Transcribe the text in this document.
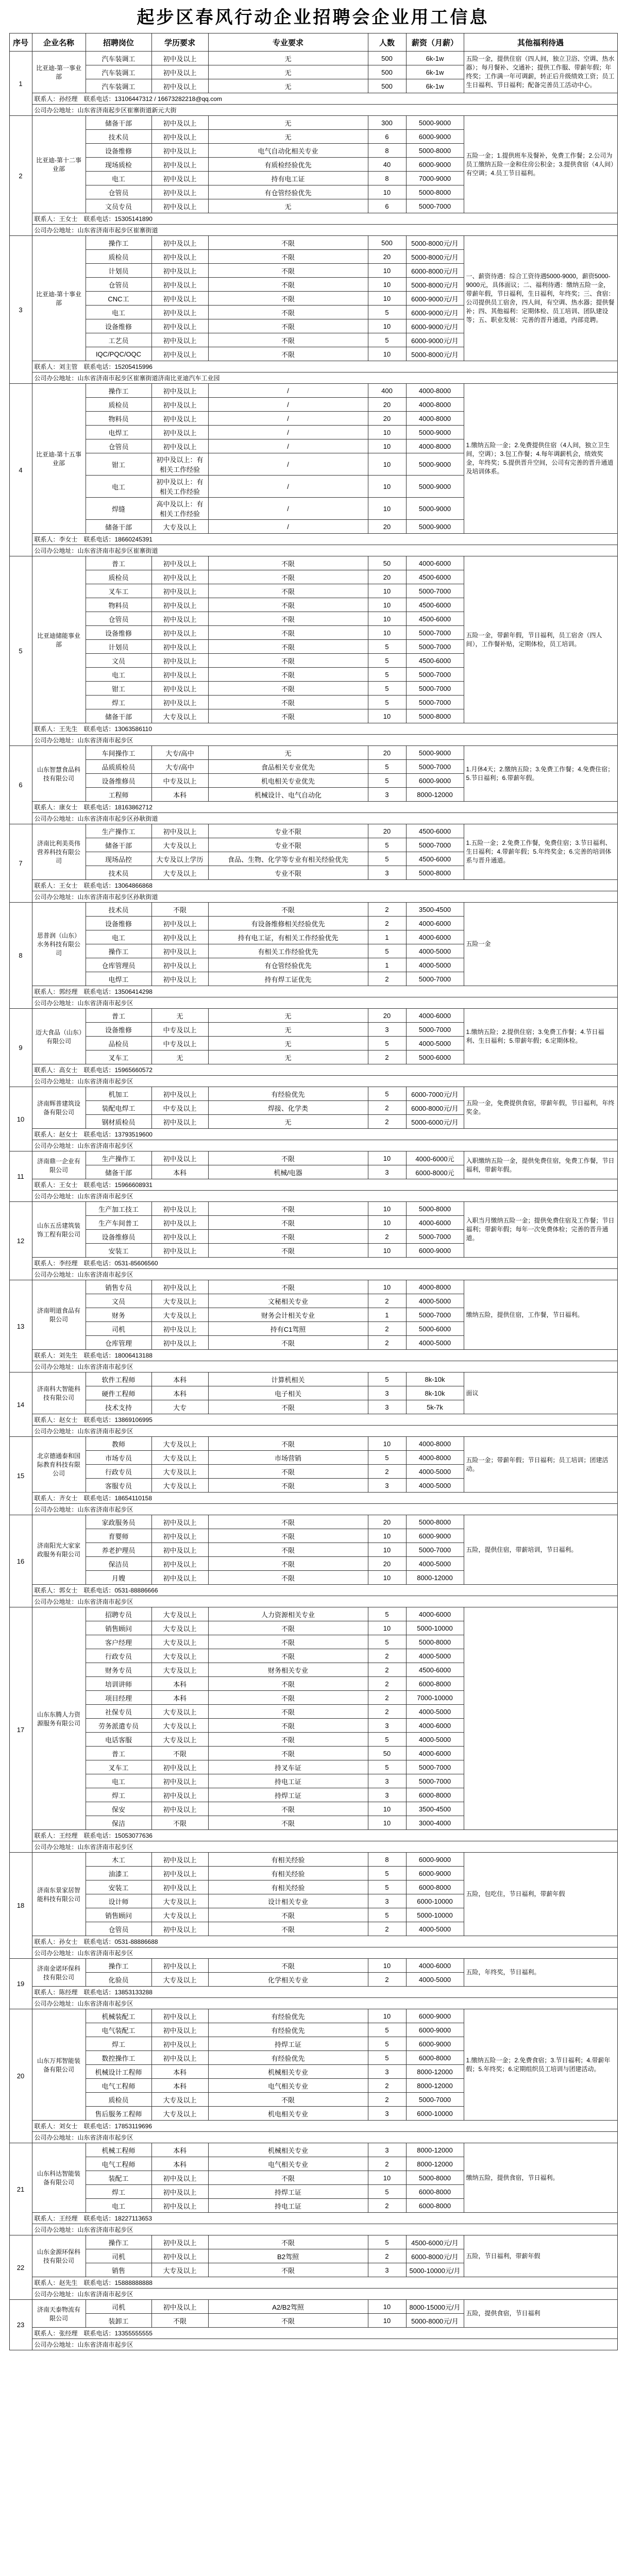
起步区春风行动企业招聘会企业用工信息
序号	企业名称	招聘岗位	学历要求	专业要求	人数	薪资（月薪）	其他福利待遇
1	比亚迪-第一事业部	汽车装调工	初中及以上	无	500	6k-1w	五险一金，提供住宿（四人间，独立卫浴、空调、热水器）；每月餐补、交通补；提供工作服、带薪年假；年终奖；工作满一年可调薪，转正后升级绩效工资；员工生日福利、节日福利；配备完善员工活动中心。
		汽车装调工	初中及以上	无	500	6k-1w	
		汽车装调工	初中及以上	无	500	6k-1w	
	联系人：孙经理　联系电话：13106447312 / 16673282218@qq.com						
	公司办公地址：山东省济南起步区崔寨街道新元大街						
2	比亚迪-第十二事业部	储备干部	初中及以上	无	300	5000-9000	五险一金；1.提供班车及餐补，免费工作餐；2.公司为员工缴纳五险一金和住房公积金；3.提供食宿（4人间）有空调；4.员工节日福利。
		技术员	初中及以上	无	6	6000-9000	
		设备维修	初中及以上	电气自动化相关专业	8	5000-8000	
		现场质检	初中及以上	有质检经验优先	40	6000-9000	
		电工	初中及以上	持有电工证	8	7000-9000	
		仓管员	初中及以上	有仓管经验优先	10	5000-8000	
		文员专员	初中及以上	无	6	5000-7000	
	联系人：王女士　联系电话：15305141890						
	公司办公地址：山东省济南市起步区崔寨街道						
3	比亚迪-第十事业部	操作工	初中及以上	不限	500	5000-8000元/月	一、薪资待遇：综合工资待遇5000-9000，薪资5000-9000元，具体面议；二、福利待遇：缴纳五险一金，带薪年假，节日福利，生日福利，年终奖；三、食宿：公司提供员工宿舍，四人间，有空调、热水器；提供餐补；四、其他福利：定期体检、员工培训、团队建设等；五、职业发展：完善的晋升通道，内部竞聘。
		质检员	初中及以上	不限	20	5000-8000元/月	
		计划员	初中及以上	不限	10	6000-8000元/月	
		仓管员	初中及以上	不限	10	5000-8000元/月	
		CNC工	初中及以上	不限	10	6000-9000元/月	
		电工	初中及以上	不限	5	6000-9000元/月	
		设备维修	初中及以上	不限	10	6000-9000元/月	
		工艺员	初中及以上	不限	5	6000-9000元/月	
		IQC/PQC/OQC	初中及以上	不限	10	5000-8000元/月	
	联系人：刘主管　联系电话：15205415996						
	公司办公地址：山东省济南市起步区崔寨街道济南比亚迪汽车工业园						
4	比亚迪-第十五事业部	操作工	初中及以上	/	400	4000-8000	1.缴纳五险一金；2.免费提供住宿（4人间，独立卫生间，空调）；3.包工作餐；4.每年调薪机会，绩效奖金，年终奖；5.提供晋升空间，公司有完善的晋升通道及培训体系。
		质检员	初中及以上	/	20	4000-8000	
		物料员	初中及以上	/	20	4000-8000	
		电焊工	初中及以上	/	10	5000-9000	
		仓管员	初中及以上	/	10	4000-8000	
		钳工	初中及以上：有相关工作经验	/	10	5000-9000	
		电工	初中及以上：有相关工作经验	/	10	5000-9000	
		焊缝	高中及以上：有相关工作经验	/	10	5000-9000	
		储备干部	大专及以上	/	20	5000-9000	
	联系人：李女士　联系电话：18660245391						
	公司办公地址：山东省济南市起步区崔寨街道						
5	比亚迪储能事业部	普工	初中及以上	不限	50	4000-6000	五险一金，带薪年假，节日福利，员工宿舍（四人间），工作餐补贴，定期体检，员工培训。
		质检员	初中及以上	不限	20	4500-6000	
		叉车工	初中及以上	不限	10	5000-7000	
		物料员	初中及以上	不限	10	4500-6000	
		仓管员	初中及以上	不限	10	4500-6000	
		设备维修	初中及以上	不限	10	5000-7000	
		计划员	初中及以上	不限	5	5000-7000	
		文员	初中及以上	不限	5	4500-6000	
		电工	初中及以上	不限	5	5000-7000	
		钳工	初中及以上	不限	5	5000-7000	
		焊工	初中及以上	不限	5	5000-7000	
		储备干部	大专及以上	不限	10	5000-8000	
	联系人：王先生　联系电话：13063586110						
	公司办公地址：山东省济南市起步区						
6	山东智慧食品科技有限公司	车间操作工	大专/高中	无	20	5000-9000	1.月休4天；2.缴纳五险；3.免费工作餐；4.免费住宿；5.节日福利；6.带薪年假。
		品质质检员	大专/高中	食品相关专业优先	5	5000-7000	
		设备维修员	中专及以上	机电相关专业优先	5	6000-9000	
		工程师	本科	机械设计、电气自动化	3	8000-12000	
	联系人：康女士　联系电话：18163862712						
	公司办公地址：山东省济南市起步区孙耿街道						
7	济南比利美英伟营养科技有限公司	生产操作工	初中及以上	专业不限	20	4500-6000	1.五险一金；2.免费工作餐，免费住宿；3.节日福利、生日福利；4.带薪年假；5.年终奖金；6.完善的培训体系与晋升通道。
		储备干部	大专及以上	专业不限	5	5000-7000	
		现场品控	大专及以上学历	食品、生物、化学等专业有相关经验优先	5	4500-6000	
		技术员	大专及以上	专业不限	3	5000-8000	
	联系人：王女士　联系电话：13064866868						
	公司办公地址：山东省济南市起步区孙耿街道						
8	思普润（山东）水务科技有限公司	技术员	不限	不限	2	3500-4500	五险一金
		设备维修	初中及以上	有设备维修相关经验优先	2	4000-6000	
		电工	初中及以上	持有电工证，有相关工作经验优先	1	4000-6000	
		操作工	初中及以上	有相关工作经验优先	5	4000-5000	
		仓库管理员	初中及以上	有仓管经验优先	1	4000-5000	
		电焊工	初中及以上	持有焊工证优先	2	5000-7000	
	联系人：郭经理　联系电话：13506414298						
	公司办公地址：山东省济南市起步区						
9	迈大食品（山东）有限公司	普工	无	无	20	4000-6000	1.缴纳五险；2.提供住宿；3.免费工作餐；4.节日福利、生日福利；5.带薪年假；6.定期体检。
		设备维修	中专及以上	无	3	5000-7000	
		品检员	中专及以上	无	5	4000-5000	
		叉车工	无	无	2	5000-6000	
	联系人：高女士　联系电话：15965660572						
	公司办公地址：山东省济南市起步区						
10	济南辉普建筑设备有限公司	机加工	初中及以上	有经验优先	5	6000-7000元/月	五险一金，免费提供食宿，带薪年假，节日福利，年终奖金。
		装配电焊工	中专及以上	焊接、化学类	2	6000-8000元/月	
		钢材质检员	初中及以上	无	2	5000-6000元/月	
	联系人：赵女士　联系电话：13793519600						
	公司办公地址：山东省济南市起步区						
11	济南鼎一企业有限公司	生产操作工	初中及以上	不限	10	4000-6000元	入职缴纳五险一金，提供免费住宿，免费工作餐，节日福利，带薪年假。
		储备干部	本科	机械/电器	3	6000-8000元	
	联系人：王女士　联系电话：15966608931						
	公司办公地址：山东省济南市起步区						
12	山东五岳建筑装饰工程有限公司	生产加工技工	初中及以上	不限	10	5000-8000	入职当月缴纳五险一金；提供免费住宿及工作餐；节日福利；带薪年假；每年一次免费体检；完善的晋升通道。
		生产车间普工	初中及以上	不限	10	4000-6000	
		设备维修员	初中及以上	不限	2	5000-7000	
		安装工	初中及以上	不限	10	6000-9000	
	联系人：李经理　联系电话：0531-85606560						
	公司办公地址：山东省济南市起步区						
13	济南明道食品有限公司	销售专员	初中及以上	不限	10	4000-8000	缴纳五险，提供住宿，工作餐，节日福利。
		文员	大专及以上	文秘相关专业	2	4000-5000	
		财务	大专及以上	财务会计相关专业	1	5000-7000	
		司机	初中及以上	持有C1驾照	2	5000-6000	
		仓库管理	初中及以上	不限	2	4000-5000	
	联系人：刘先生　联系电话：18006413188						
	公司办公地址：山东省济南市起步区						
14	济南科大智能科技有限公司	软件工程师	本科	计算机相关	5	8k-10k	面议
		硬件工程师	本科	电子相关	3	8k-10k	
		技术支持	大专	不限	3	5k-7k	
	联系人：赵女士　联系电话：13869106995						
	公司办公地址：山东省济南市起步区						
15	北京德通泰和国际教育科技有限公司	教师	大专及以上	不限	10	4000-8000	五险一金；带薪年假；节日福利；员工培训；团建活动。
		市场专员	大专及以上	市场营销	5	4000-8000	
		行政专员	大专及以上	不限	2	4000-5000	
		客服专员	大专及以上	不限	3	4000-5000	
	联系人：齐女士　联系电话：18654110158						
	公司办公地址：山东省济南市起步区						
16	济南阳光大家家政服务有限公司	家政服务员	初中及以上	不限	20	5000-8000	五险，提供住宿，带薪培训，节日福利。
		育婴师	初中及以上	不限	10	6000-9000	
		养老护理员	初中及以上	不限	10	5000-7000	
		保洁员	初中及以上	不限	20	4000-5000	
		月嫂	初中及以上	不限	10	8000-12000	
	联系人：郭女士　联系电话：0531-88886666						
	公司办公地址：山东省济南市起步区						
17	山东东腾人力资源服务有限公司	招聘专员	大专及以上	人力资源相关专业	5	4000-6000	
		销售顾问	大专及以上	不限	10	5000-10000	
		客户经理	大专及以上	不限	5	5000-8000	
		行政专员	大专及以上	不限	2	4000-5000	
		财务专员	大专及以上	财务相关专业	2	4500-6000	
		培训讲师	本科	不限	2	6000-8000	
		项目经理	本科	不限	2	7000-10000	
		社保专员	大专及以上	不限	2	4000-5000	
		劳务派遣专员	大专及以上	不限	3	4000-6000	
		电话客服	大专及以上	不限	5	4000-5000	
		普工	不限	不限	50	4000-6000	
		叉车工	初中及以上	持叉车证	5	5000-7000	
		电工	初中及以上	持电工证	3	5000-7000	
		焊工	初中及以上	持焊工证	3	6000-8000	
		保安	初中及以上	不限	10	3500-4500	
		保洁	不限	不限	10	3000-4000	
	联系人：王经理　联系电话：15053077636						
	公司办公地址：山东省济南市起步区						
18	济南东景家居智能科技有限公司	木工	初中及以上	有相关经验	8	6000-9000	五险，包吃住，节日福利，带薪年假
		油漆工	初中及以上	有相关经验	5	6000-9000	
		安装工	初中及以上	有相关经验	5	6000-8000	
		设计师	大专及以上	设计相关专业	3	6000-10000	
		销售顾问	大专及以上	不限	5	5000-10000	
		仓管员	初中及以上	不限	2	4000-5000	
	联系人：孙女士　联系电话：0531-88886688						
	公司办公地址：山东省济南市起步区						
19	济南金诺环保科技有限公司	操作工	初中及以上	不限	10	4000-6000	五险，年终奖，节日福利。
		化验员	大专及以上	化学相关专业	2	4000-5000	
	联系人：陈经理　联系电话：13853133288						
	公司办公地址：山东省济南市起步区						
20	山东万邦智能装备有限公司	机械装配工	初中及以上	有经验优先	10	6000-9000	1.缴纳五险一金；2.免费食宿；3.节日福利；4.带薪年假；5.年终奖；6.定期组织员工培训与团建活动。
		电气装配工	初中及以上	有经验优先	5	6000-9000	
		焊工	初中及以上	持焊工证	5	6000-9000	
		数控操作工	初中及以上	有经验优先	5	6000-8000	
		机械设计工程师	本科	机械相关专业	3	8000-12000	
		电气工程师	本科	电气相关专业	2	8000-12000	
		质检员	大专及以上	不限	2	5000-7000	
		售后服务工程师	大专及以上	机电相关专业	3	6000-10000	
	联系人：刘女士　联系电话：17853119696						
	公司办公地址：山东省济南市起步区						
21	山东科达智能装备有限公司	机械工程师	本科	机械相关专业	3	8000-12000	缴纳五险，提供食宿，节日福利。
		电气工程师	本科	电气相关专业	2	8000-12000	
		装配工	初中及以上	不限	10	5000-8000	
		焊工	初中及以上	持焊工证	5	6000-8000	
		电工	初中及以上	持电工证	2	6000-8000	
	联系人：王经理　联系电话：18227113653						
	公司办公地址：山东省济南市起步区						
22	山东金源环保科技有限公司	操作工	初中及以上	不限	5	4500-6000元/月	五险，节日福利，带薪年假
		司机	初中及以上	B2驾照	2	6000-8000元/月	
		销售	大专及以上	不限	3	5000-10000元/月	
	联系人：赵先生　联系电话：15888888888						
	公司办公地址：山东省济南市起步区						
23	济南天泰物流有限公司	司机	初中及以上	A2/B2驾照	10	8000-15000元/月	五险，提供食宿，节日福利
		装卸工	不限	不限	10	5000-8000元/月	
	联系人：张经理　联系电话：13355555555						
	公司办公地址：山东省济南市起步区						
